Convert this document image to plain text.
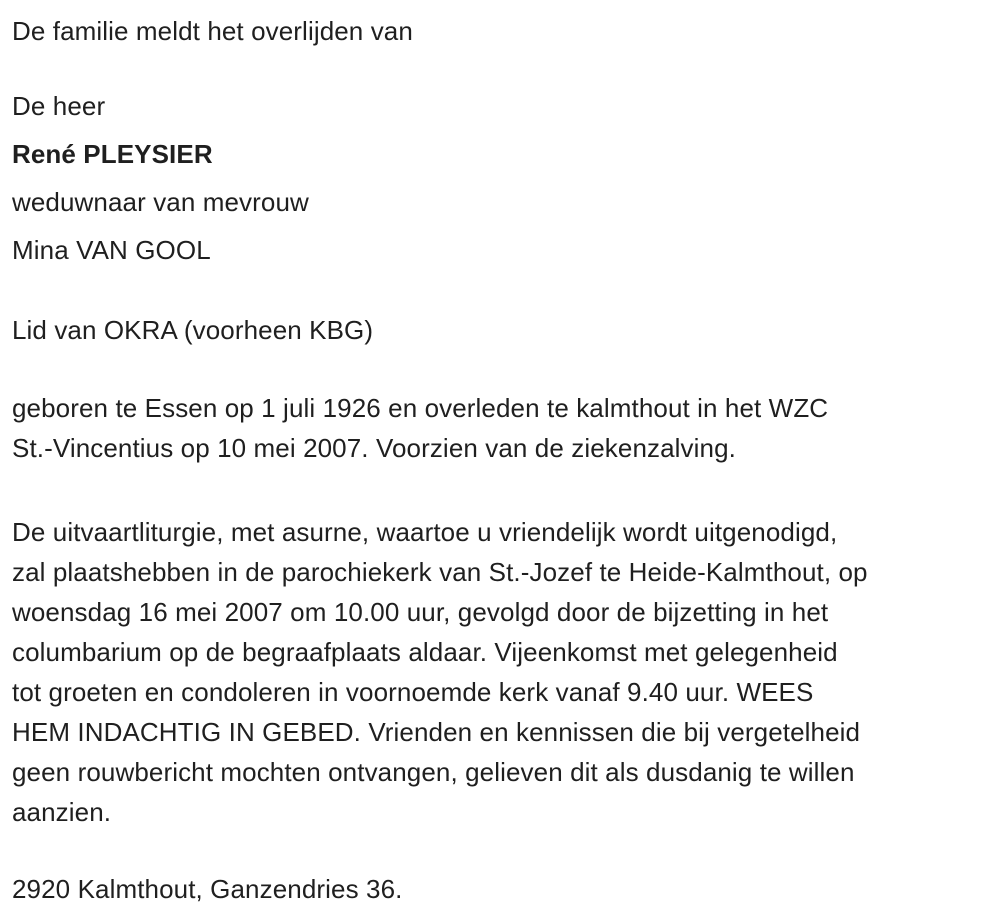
De familie meldt het overlijden van
De heer
René PLEYSIER
weduwnaar van mevrouw
Mina VAN GOOL
Lid van OKRA (voorheen KBG)
geboren te Essen op 1 juli 1926 en overleden te kalmthout in het WZC
St.-Vincentius op 10 mei 2007. Voorzien van de ziekenzalving.
De uitvaartliturgie, met asurne, waartoe u vriendelijk wordt uitgenodigd,
zal plaatshebben in de parochiekerk van St.-Jozef te Heide-Kalmthout, op
woensdag 16 mei 2007 om 10.00 uur, gevolgd door de bijzetting in het
columbarium op de begraafplaats aldaar. Vijeenkomst met gelegenheid
tot groeten en condoleren in voornoemde kerk vanaf 9.40 uur. WEES
HEM INDACHTIG IN GEBED. Vrienden en kennissen die bij vergetelheid
geen rouwbericht mochten ontvangen, gelieven dit als dusdanig te willen
aanzien.
2920 Kalmthout, Ganzendries 36.
